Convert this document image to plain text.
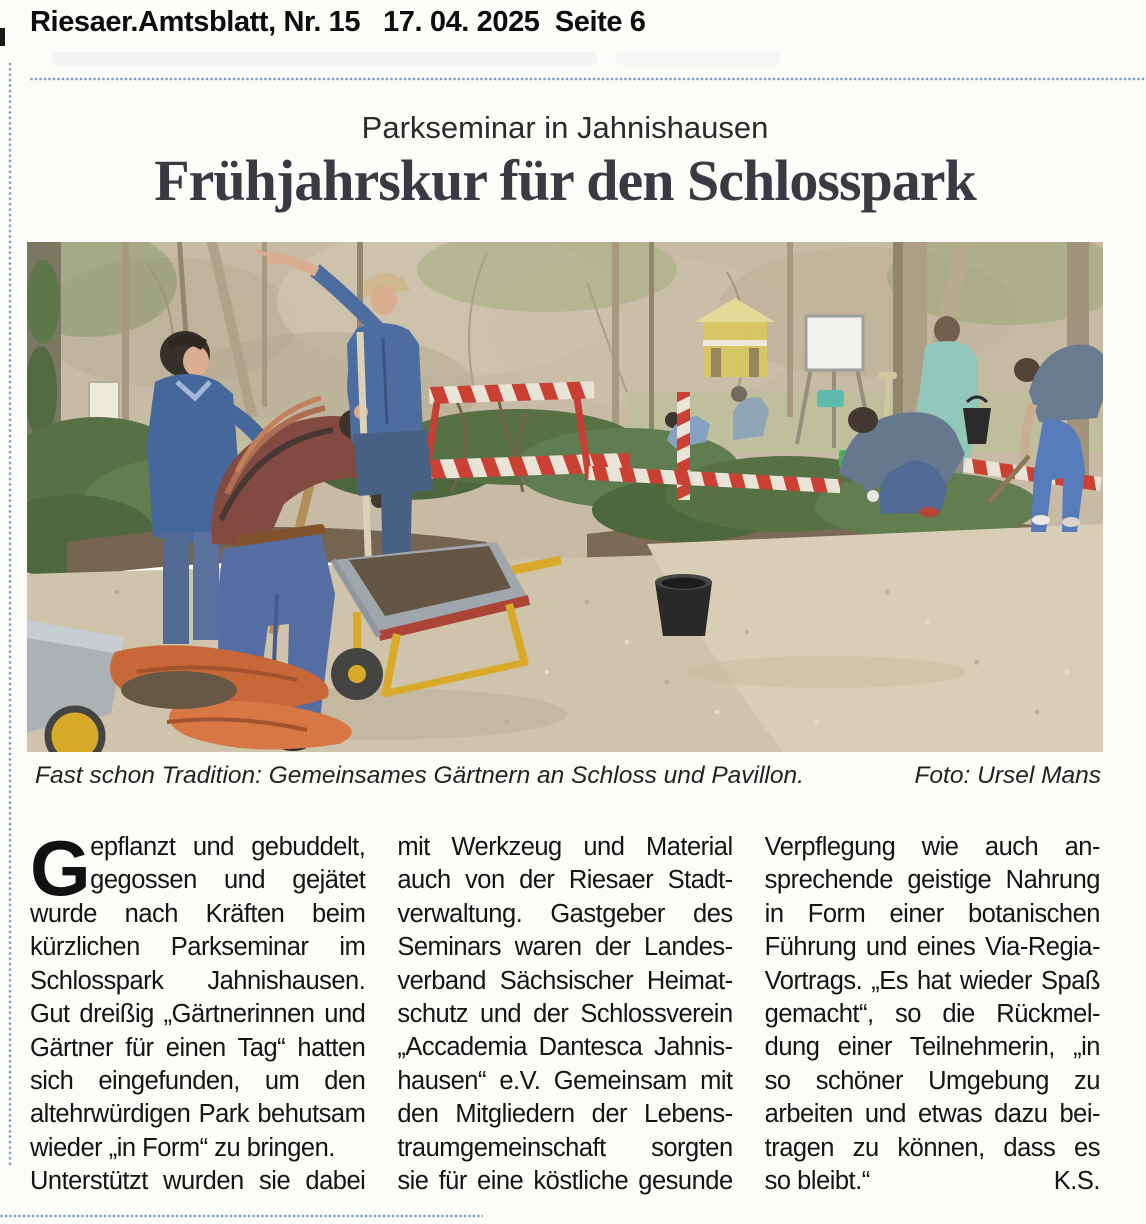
Riesaer.Amtsblatt, Nr. 15   17. 04. 2025  Seite 6
Parkseminar in Jahnishausen
Frühjahrskur für den Schlosspark
Fast schon Tradition: Gemeinsames Gärtnern an Schloss und Pavillon.	Foto: Ursel Mans
G epflanzt und gebuddelt,
gegossen und gejätet
wurde nach Kräften beim
kürzlichen Parkseminar im
Schlosspark Jahnishausen.
Gut dreißig „Gärtnerinnen und
Gärtner für einen Tag“ hatten
sich eingefunden, um den
altehrwürdigen Park behutsam
wieder „in Form“ zu bringen.
Unterstützt wurden sie dabei
mit Werkzeug und Material
auch von der Riesaer Stadt-
verwaltung. Gastgeber des
Seminars waren der Landes-
verband Sächsischer Heimat-
schutz und der Schlossverein
„Accademia Dantesca Jahnis-
hausen“ e.V. Gemeinsam mit
den Mitgliedern der Lebens-
traumgemeinschaft sorgten
sie für eine köstliche gesunde
Verpflegung wie auch an-
sprechende geistige Nahrung
in Form einer botanischen
Führung und eines Via-Regia-
Vortrags. „Es hat wieder Spaß
gemacht“, so die Rückmel-
dung einer Teilnehmerin, „in
so schöner Umgebung zu
arbeiten und etwas dazu bei-
tragen zu können, dass es
so bleibt.“	K.S.
